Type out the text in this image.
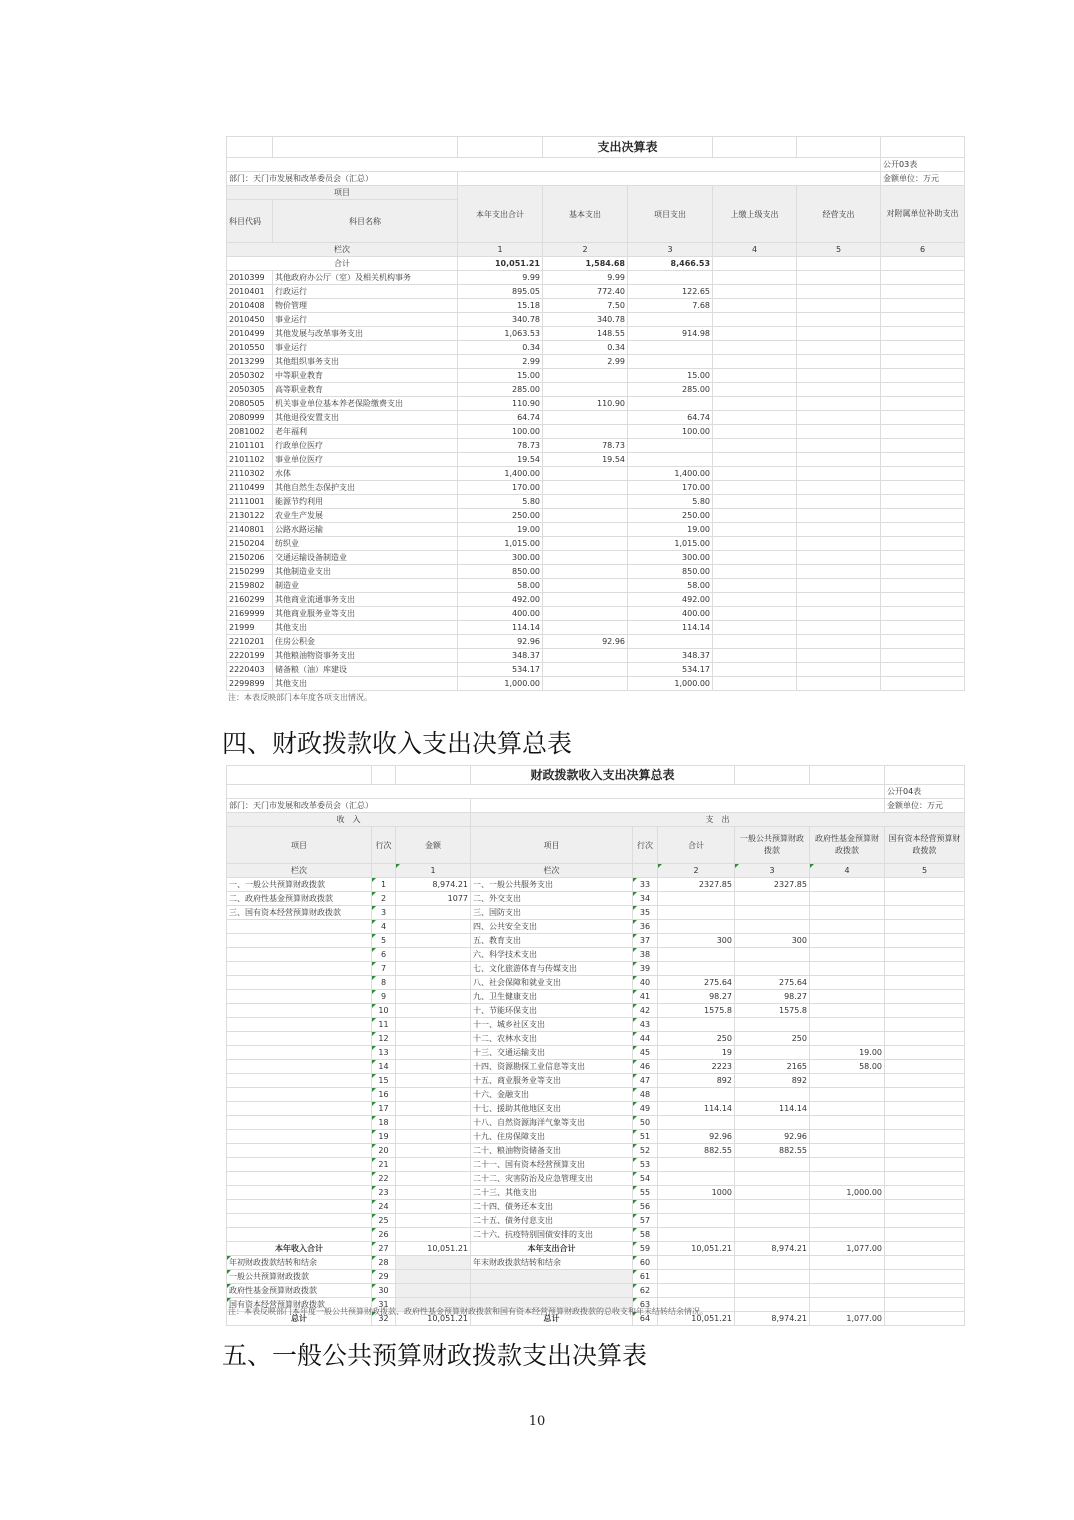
			支出决算表				
							公开03表
部门：天门市发展和改革委员会（汇总）							金额单位：万元
项目		本年支出合计	基本支出	项目支出	上缴上级支出	经营支出	对附属单位补助支出
科目代码	科目名称						
栏次		1	2	3	4	5	6
合计		10,051.21	1,584.68	8,466.53			
2010399	其他政府办公厅（室）及相关机构事务	9.99	9.99				
2010401	行政运行	895.05	772.40	122.65			
2010408	物价管理	15.18	7.50	7.68			
2010450	事业运行	340.78	340.78				
2010499	其他发展与改革事务支出	1,063.53	148.55	914.98			
2010550	事业运行	0.34	0.34				
2013299	其他组织事务支出	2.99	2.99				
2050302	中等职业教育	15.00		15.00			
2050305	高等职业教育	285.00		285.00			
2080505	机关事业单位基本养老保险缴费支出	110.90	110.90				
2080999	其他退役安置支出	64.74		64.74			
2081002	老年福利	100.00		100.00			
2101101	行政单位医疗	78.73	78.73				
2101102	事业单位医疗	19.54	19.54				
2110302	水体	1,400.00		1,400.00			
2110499	其他自然生态保护支出	170.00		170.00			
2111001	能源节约利用	5.80		5.80			
2130122	农业生产发展	250.00		250.00			
2140801	公路水路运输	19.00		19.00			
2150204	纺织业	1,015.00		1,015.00			
2150206	交通运输设备制造业	300.00		300.00			
2150299	其他制造业支出	850.00		850.00			
2159802	制造业	58.00		58.00			
2160299	其他商业流通事务支出	492.00		492.00			
2169999	其他商业服务业等支出	400.00		400.00			
21999	其他支出	114.14		114.14			
2210201	住房公积金	92.96	92.96				
2220199	其他粮油物资事务支出	348.37		348.37			
2220403	储备粮（油）库建设	534.17		534.17			
2299899	其他支出	1,000.00		1,000.00			
注：本表反映部门本年度各项支出情况。
四、财政拨款收入支出决算总表
			财政拨款收入支出决算总表					
								公开04表
部门：天门市发展和改革委员会（汇总）								金额单位：万元
收　入			支　出					
项目	行次	金额	项目	行次	合计	一般公共预算财政拨款	政府性基金预算财政拨款	国有资本经营预算财政拨款
栏次		1	栏次		2	3	4	5
一、一般公共预算财政拨款	1	8,974.21	一、一般公共服务支出	33	2327.85	2327.85		
二、政府性基金预算财政拨款	2	1077	二、外交支出	34				
三、国有资本经营预算财政拨款	3		三、国防支出	35				
	4		四、公共安全支出	36				
	5		五、教育支出	37	300	300		
	6		六、科学技术支出	38				
	7		七、文化旅游体育与传媒支出	39				
	8		八、社会保障和就业支出	40	275.64	275.64		
	9		九、卫生健康支出	41	98.27	98.27		
	10		十、节能环保支出	42	1575.8	1575.8		
	11		十一、城乡社区支出	43				
	12		十二、农林水支出	44	250	250		
	13		十三、交通运输支出	45	19		19.00	
	14		十四、资源勘探工业信息等支出	46	2223	2165	58.00	
	15		十五、商业服务业等支出	47	892	892		
	16		十六、金融支出	48				
	17		十七、援助其他地区支出	49	114.14	114.14		
	18		十八、自然资源海洋气象等支出	50				
	19		十九、住房保障支出	51	92.96	92.96		
	20		二十、粮油物资储备支出	52	882.55	882.55		
	21		二十一、国有资本经营预算支出	53				
	22		二十二、灾害防治及应急管理支出	54				
	23		二十三、其他支出	55	1000		1,000.00	
	24		二十四、债务还本支出	56				
	25		二十五、债务付息支出	57				
	26		二十六、抗疫特别国债安排的支出	58				
本年收入合计	27	10,051.21	本年支出合计	59	10,051.21	8,974.21	1,077.00	
年初财政拨款结转和结余	28		年末财政拨款结转和结余	60				
一般公共预算财政拨款	29			61				
政府性基金预算财政拨款	30			62				
国有资本经营预算财政拨款	31			63				
总计	32	10,051.21	总计	64	10,051.21	8,974.21	1,077.00	
注：本表反映部门本年度一般公共预算财政拨款、政府性基金预算财政拨款和国有资本经营预算财政拨款的总收支和年末结转结余情况。
五、一般公共预算财政拨款支出决算表
10
